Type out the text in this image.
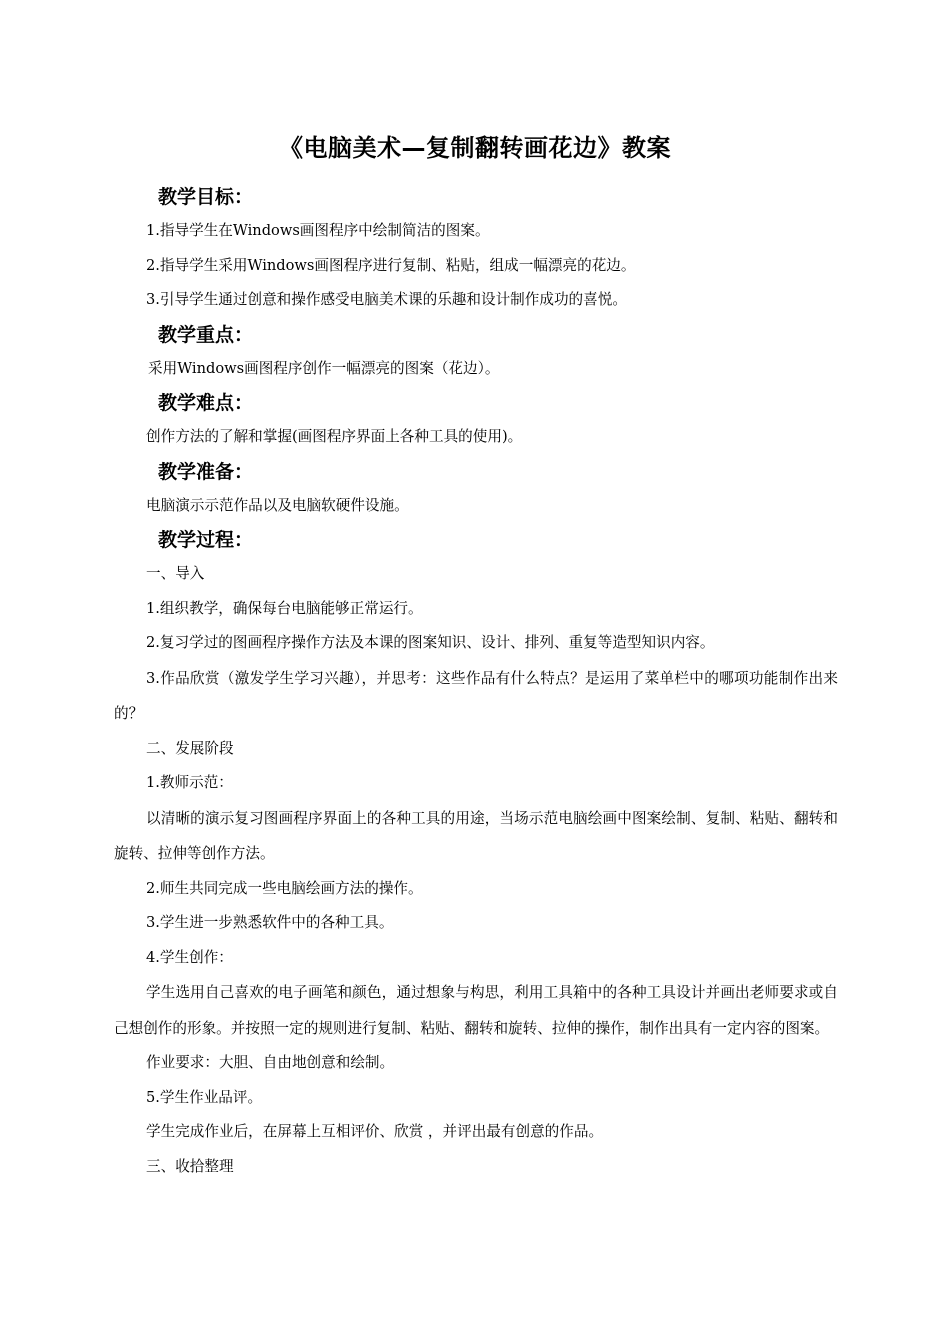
《电脑美术—复制翻转画花边》教案
教学目标：

1.指导学生在Windows画图程序中绘制简洁的图案。

2.指导学生采用Windows画图程序进行复制、粘贴，组成一幅漂亮的花边。

3.引导学生通过创意和操作感受电脑美术课的乐趣和设计制作成功的喜悦。

教学重点：

采用Windows画图程序创作一幅漂亮的图案（花边）。

教学难点：

创作方法的了解和掌握(画图程序界面上各种工具的使用)。

教学准备：

电脑演示示范作品以及电脑软硬件设施。

教学过程：

一、导入

1.组织教学，确保每台电脑能够正常运行。

2.复习学过的图画程序操作方法及本课的图案知识、设计、排列、重复等造型知识内容。

3.作品欣赏（激发学生学习兴趣），并思考：这些作品有什么特点？是运用了菜单栏中的哪项功能制作出来的？

二、发展阶段

1.教师示范：

以清晰的演示复习图画程序界面上的各种工具的用途，当场示范电脑绘画中图案绘制、复制、粘贴、翻转和旋转、拉伸等创作方法。

2.师生共同完成一些电脑绘画方法的操作。

3.学生进一步熟悉软件中的各种工具。

4.学生创作：

学生选用自己喜欢的电子画笔和颜色，通过想象与构思，利用工具箱中的各种工具设计并画出老师要求或自己想创作的形象。并按照一定的规则进行复制、粘贴、翻转和旋转、拉伸的操作，制作出具有一定内容的图案。

作业要求：大胆、自由地创意和绘制。

5.学生作业品评。

学生完成作业后，在屏幕上互相评价、欣赏 ，并评出最有创意的作品。

三、收拾整理
